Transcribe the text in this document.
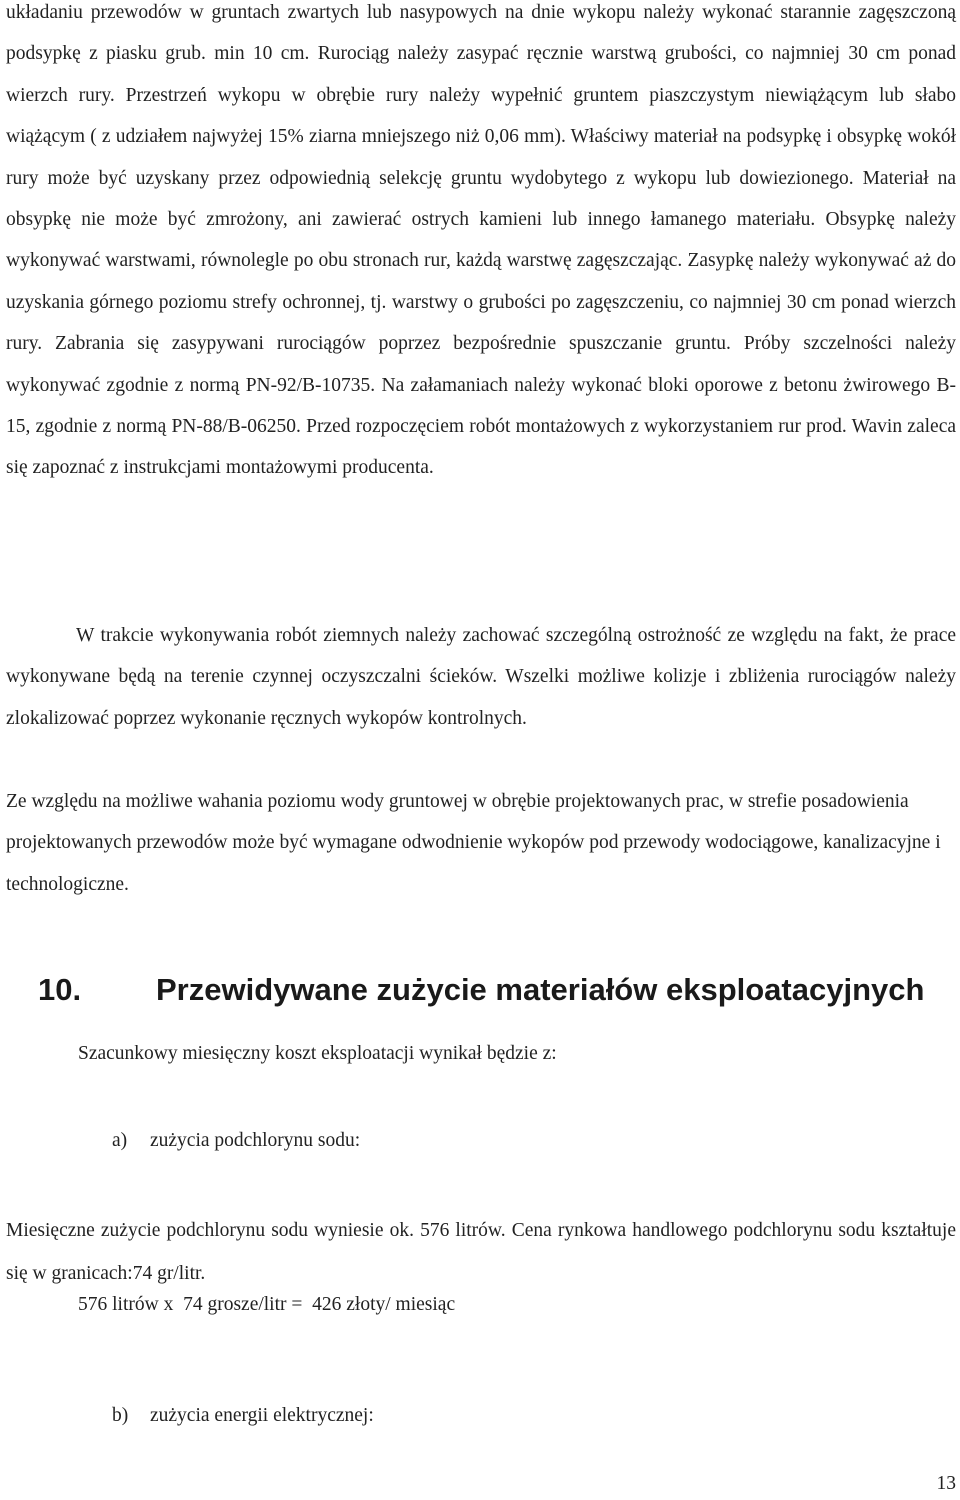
układaniu przewodów w gruntach zwartych lub nasypowych na dnie wykopu należy wykonać starannie zagęszczoną podsypkę z piasku grub. min 10 cm. Rurociąg należy zasypać ręcznie warstwą grubości, co najmniej 30 cm ponad wierzch rury. Przestrzeń wykopu w obrębie rury należy wypełnić gruntem piaszczystym niewiążącym lub słabo wiążącym ( z udziałem najwyżej 15% ziarna mniejszego niż 0,06 mm). Właściwy materiał na podsypkę i obsypkę wokół rury może być uzyskany przez odpowiednią selekcję gruntu wydobytego z wykopu lub dowiezionego. Materiał na obsypkę nie może być zmrożony, ani zawierać ostrych kamieni lub innego łamanego materiału. Obsypkę należy wykonywać warstwami, równolegle po obu stronach rur, każdą warstwę zagęszczając. Zasypkę należy wykonywać aż do uzyskania górnego poziomu strefy ochronnej, tj. warstwy o grubości po zagęszczeniu, co najmniej 30 cm ponad wierzch rury. Zabrania się zasypywani rurociągów poprzez bezpośrednie spuszczanie gruntu. Próby szczelności należy wykonywać zgodnie z normą PN-92/B-10735. Na załamaniach należy wykonać bloki oporowe z betonu żwirowego B-15, zgodnie z normą PN-88/B-06250. Przed rozpoczęciem robót montażowych z wykorzystaniem rur prod. Wavin zaleca się zapoznać z instrukcjami montażowymi producenta.

W trakcie wykonywania robót ziemnych należy zachować szczególną ostrożność ze względu na fakt, że prace wykonywane będą na terenie czynnej oczyszczalni ścieków. Wszelki możliwe kolizje i zbliżenia rurociągów należy zlokalizować poprzez wykonanie ręcznych wykopów kontrolnych.

Ze względu na możliwe wahania poziomu wody gruntowej w obrębie projektowanych prac, w strefie posadowienia projektowanych przewodów może być wymagane odwodnienie wykopów pod przewody wodociągowe, kanalizacyjne i technologiczne.

10. Przewidywane zużycie materiałów eksploatacyjnych

Szacunkowy miesięczny koszt eksploatacji wynikał będzie z:

a) zużycia podchlorynu sodu:

Miesięczne zużycie podchlorynu sodu wyniesie ok. 576 litrów. Cena rynkowa handlowego podchlorynu sodu kształtuje się w granicach:74 gr/litr.

576 litrów x  74 grosze/litr =  426 złoty/ miesiąc

b) zużycia energii elektrycznej:

13
